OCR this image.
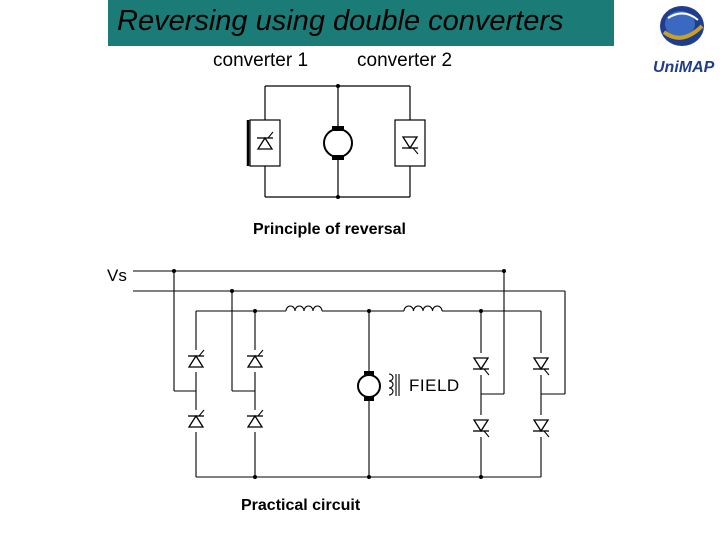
Reversing using double converters
UniMAP
converter 1	converter 2
Principle of reversal
Vs
FIELD
Practical circuit
